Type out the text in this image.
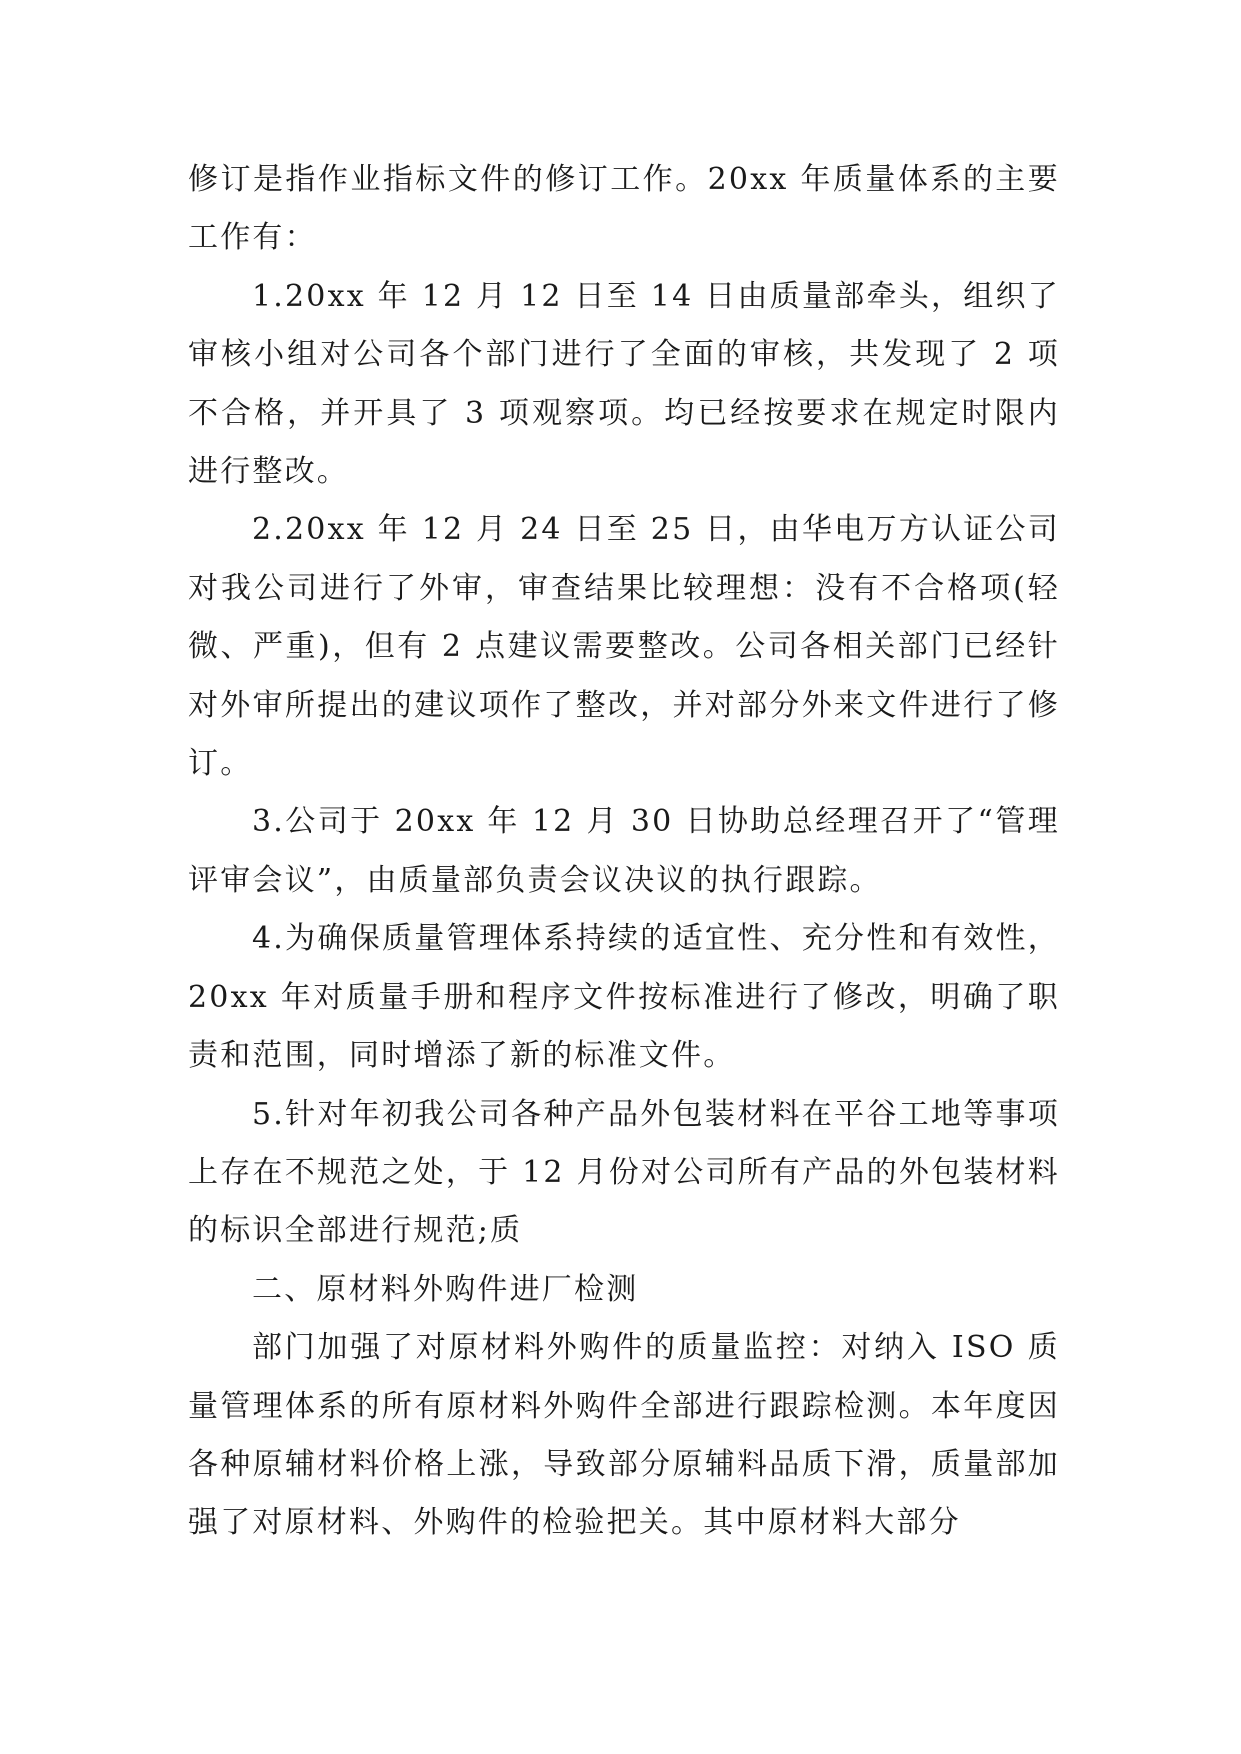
修订是指作业指标文件的修订工作。20xx 年质量体系的主要工作有：

1.20xx 年 12 月 12 日至 14 日由质量部牵头，组织了审核小组对公司各个部门进行了全面的审核，共发现了 2 项不合格，并开具了 3 项观察项。均已经按要求在规定时限内进行整改。

2.20xx 年 12 月 24 日至 25 日，由华电万方认证公司对我公司进行了外审，审查结果比较理想：没有不合格项(轻微、严重)，但有 2 点建议需要整改。公司各相关部门已经针对外审所提出的建议项作了整改，并对部分外来文件进行了修订。

3.公司于 20xx 年 12 月 30 日协助总经理召开了“管理评审会议”，由质量部负责会议决议的执行跟踪。

4.为确保质量管理体系持续的适宜性、充分性和有效性，20xx 年对质量手册和程序文件按标准进行了修改，明确了职责和范围，同时增添了新的标准文件。

5.针对年初我公司各种产品外包装材料在平谷工地等事项上存在不规范之处，于 12 月份对公司所有产品的外包装材料的标识全部进行规范;质

二、原材料外购件进厂检测

部门加强了对原材料外购件的质量监控：对纳入 ISO 质量管理体系的所有原材料外购件全部进行跟踪检测。本年度因各种原辅材料价格上涨，导致部分原辅料品质下滑，质量部加强了对原材料、外购件的检验把关。其中原材料大部分
